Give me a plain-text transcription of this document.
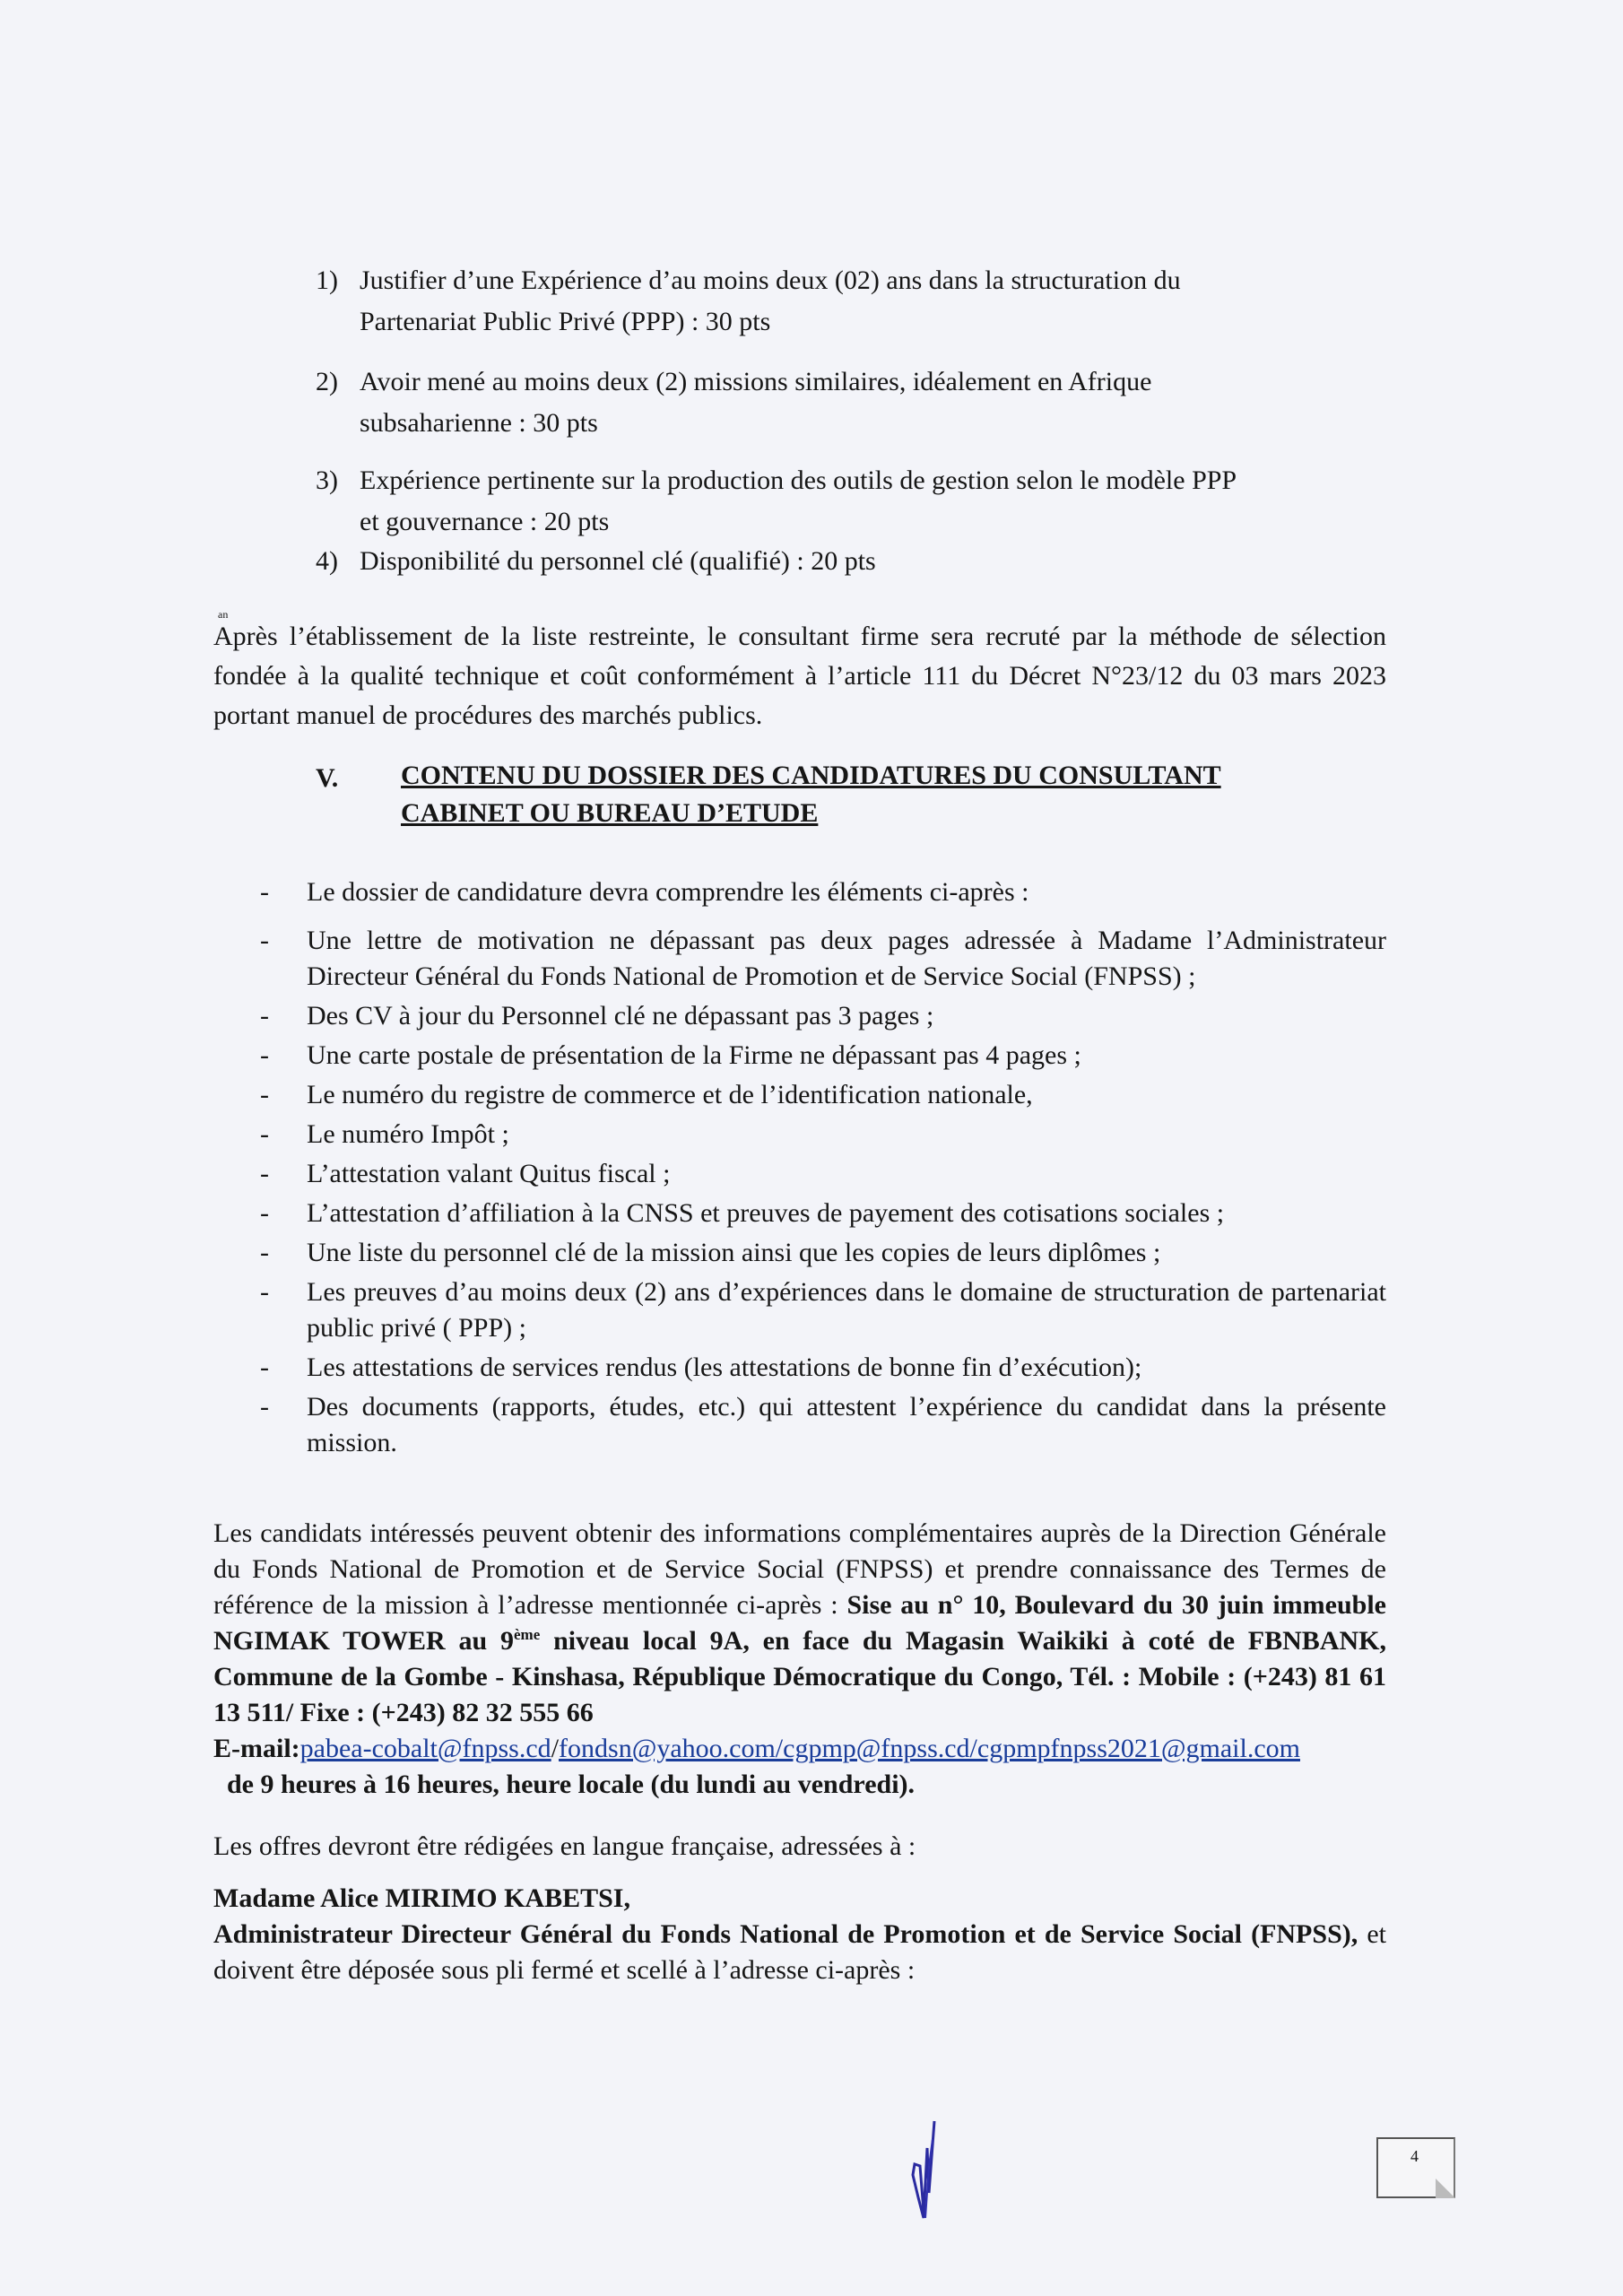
1) Justifier d’une Expérience d’au moins deux (02) ans dans la structuration du
Partenariat Public Privé (PPP) : 30 pts
2) Avoir mené au moins deux (2) missions similaires, idéalement en Afrique
subsaharienne : 30 pts
3) Expérience pertinente sur la production des outils de gestion selon le modèle PPP
et gouvernance : 20 pts
4) Disponibilité du personnel clé (qualifié) : 20 pts
an
Après l’établissement de la liste restreinte, le consultant firme sera recruté par la méthode de sélection fondée à la qualité technique et coût conformément à l’article 111 du Décret N°23/12 du 03 mars 2023 portant manuel de procédures des marchés publics.
V. CONTENU DU DOSSIER DES CANDIDATURES DU CONSULTANT
CABINET OU BUREAU D’ETUDE
- Le dossier de candidature devra comprendre les éléments ci-après :
- Une lettre de motivation ne dépassant pas deux pages adressée à Madame l’Administrateur Directeur Général du Fonds National de Promotion et de Service Social (FNPSS) ;
- Des CV à jour du Personnel clé ne dépassant pas 3 pages ;
- Une carte postale de présentation de la Firme ne dépassant pas 4 pages ;
- Le numéro du registre de commerce et de l’identification nationale,
- Le numéro Impôt ;
- L’attestation valant Quitus fiscal ;
- L’attestation d’affiliation à la CNSS et preuves de payement des cotisations sociales ;
- Une liste du personnel clé de la mission ainsi que les copies de leurs diplômes ;
- Les preuves d’au moins deux (2) ans d’expériences dans le domaine de structuration de partenariat public privé ( PPP) ;
- Les attestations de services rendus (les attestations de bonne fin d’exécution);
- Des documents (rapports, études, etc.) qui attestent l’expérience du candidat dans la présente mission.
Les candidats intéressés peuvent obtenir des informations complémentaires auprès de la Direction Générale du Fonds National de Promotion et de Service Social (FNPSS) et prendre connaissance des Termes de référence de la mission à l’adresse mentionnée ci-après : Sise au n° 10, Boulevard du 30 juin immeuble NGIMAK TOWER au 9ème niveau local 9A, en face du Magasin Waikiki à coté de FBNBANK, Commune de la Gombe - Kinshasa, République Démocratique du Congo, Tél. : Mobile : (+243) 81 61 13 511/ Fixe : (+243) 82 32 555 66
E-mail:pabea-cobalt@fnpss.cd/fondsn@yahoo.com/cgpmp@fnpss.cd/cgpmpfnpss2021@gmail.com  de 9 heures à 16 heures, heure locale (du lundi au vendredi).
Les offres devront être rédigées en langue française, adressées à :
Madame Alice MIRIMO KABETSI,
Administrateur Directeur Général du Fonds National de Promotion et de Service Social (FNPSS), et doivent être déposée sous pli fermé et scellé à l’adresse ci-après :
4
